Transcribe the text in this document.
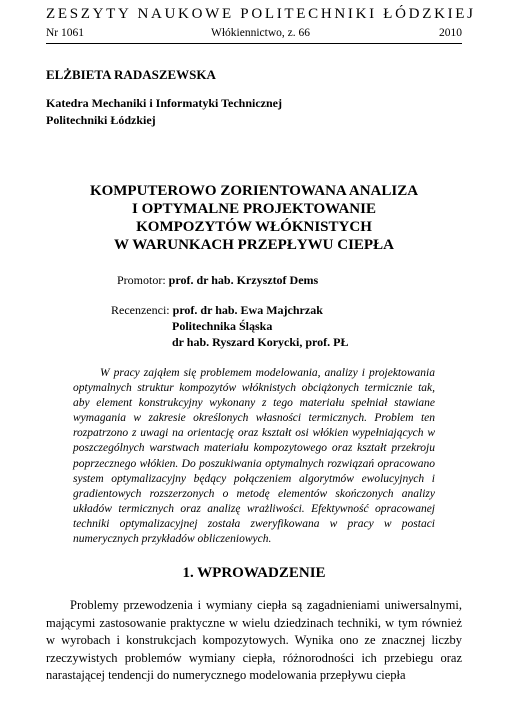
ZESZYTY NAUKOWE POLITECHNIKI ŁÓDZKIEJ
Nr 1061	Włókiennictwo, z. 66	2010
ELŻBIETA RADASZEWSKA
Katedra Mechaniki i Informatyki Technicznej
Politechniki Łódzkiej
KOMPUTEROWO ZORIENTOWANA ANALIZA
I OPTYMALNE PROJEKTOWANIE
KOMPOZYTÓW WŁÓKNISTYCH
W WARUNKACH PRZEPŁYWU CIEPŁA
Promotor: prof. dr hab. Krzysztof Dems
Recenzenci: prof. dr hab. Ewa Majchrzak
Politechnika Śląska
dr hab. Ryszard Korycki, prof. PŁ

W pracy zająłem się problemem modelowania, analizy i projektowania optymalnych struktur kompozytów włóknistych obciążonych termicznie tak, aby element konstrukcyjny wykonany z tego materiału spełniał stawiane wymagania w zakresie określonych własności termicznych. Problem ten rozpatrzono z uwagi na orientację oraz kształt osi włókien wypełniających w poszczególnych warstwach materiału kompozytowego oraz kształt przekroju poprzecznego włókien. Do poszukiwania optymalnych rozwiązań opracowano system optymalizacyjny będący połączeniem algorytmów ewolucyjnych i gradientowych rozszerzonych o metodę elementów skończonych analizy układów termicznych oraz analizę wrażliwości. Efektywność opracowanej techniki optymalizacyjnej została zweryfikowana w pracy w postaci numerycznych przykładów obliczeniowych.

1. WPROWADZENIE

Problemy przewodzenia i wymiany ciepła są zagadnieniami uniwersalnymi, mającymi zastosowanie praktyczne w wielu dziedzinach techniki, w tym również w wyrobach i konstrukcjach kompozytowych. Wynika ono ze znacznej liczby rzeczywistych problemów wymiany ciepła, różnorodności ich przebiegu oraz narastającej tendencji do numerycznego modelowania przepływu ciepła
